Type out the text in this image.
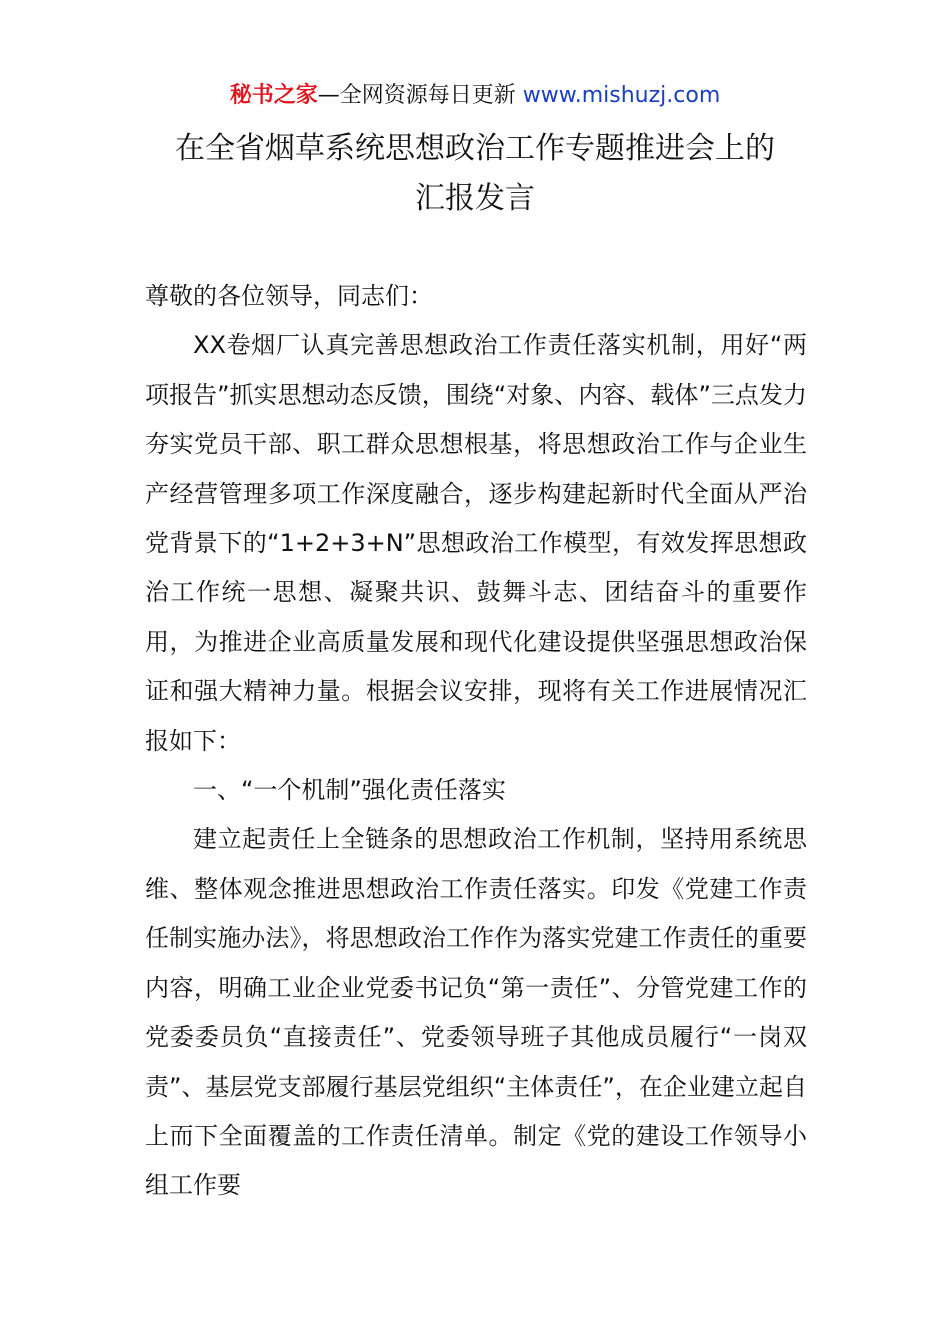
秘书之家—全网资源每日更新 www.mishuzj.com
在全省烟草系统思想政治工作专题推进会上的
汇报发言

尊敬的各位领导，同志们：

XX卷烟厂认真完善思想政治工作责任落实机制，用好“两项报告”抓实思想动态反馈，围绕“对象、内容、载体”三点发力夯实党员干部、职工群众思想根基，将思想政治工作与企业生产经营管理多项工作深度融合，逐步构建起新时代全面从严治党背景下的“1+2+3+N”思想政治工作模型，有效发挥思想政治工作统一思想、凝聚共识、鼓舞斗志、团结奋斗的重要作用，为推进企业高质量发展和现代化建设提供坚强思想政治保证和强大精神力量。根据会议安排，现将有关工作进展情况汇报如下：

一、“一个机制”强化责任落实

建立起责任上全链条的思想政治工作机制，坚持用系统思维、整体观念推进思想政治工作责任落实。印发《党建工作责任制实施办法》，将思想政治工作作为落实党建工作责任的重要内容，明确工业企业党委书记负“第一责任”、分管党建工作的党委委员负“直接责任”、党委领导班子其他成员履行“一岗双责”、基层党支部履行基层党组织“主体责任”，在企业建立起自上而下全面覆盖的工作责任清单。制定《党的建设工作领导小组工作要
